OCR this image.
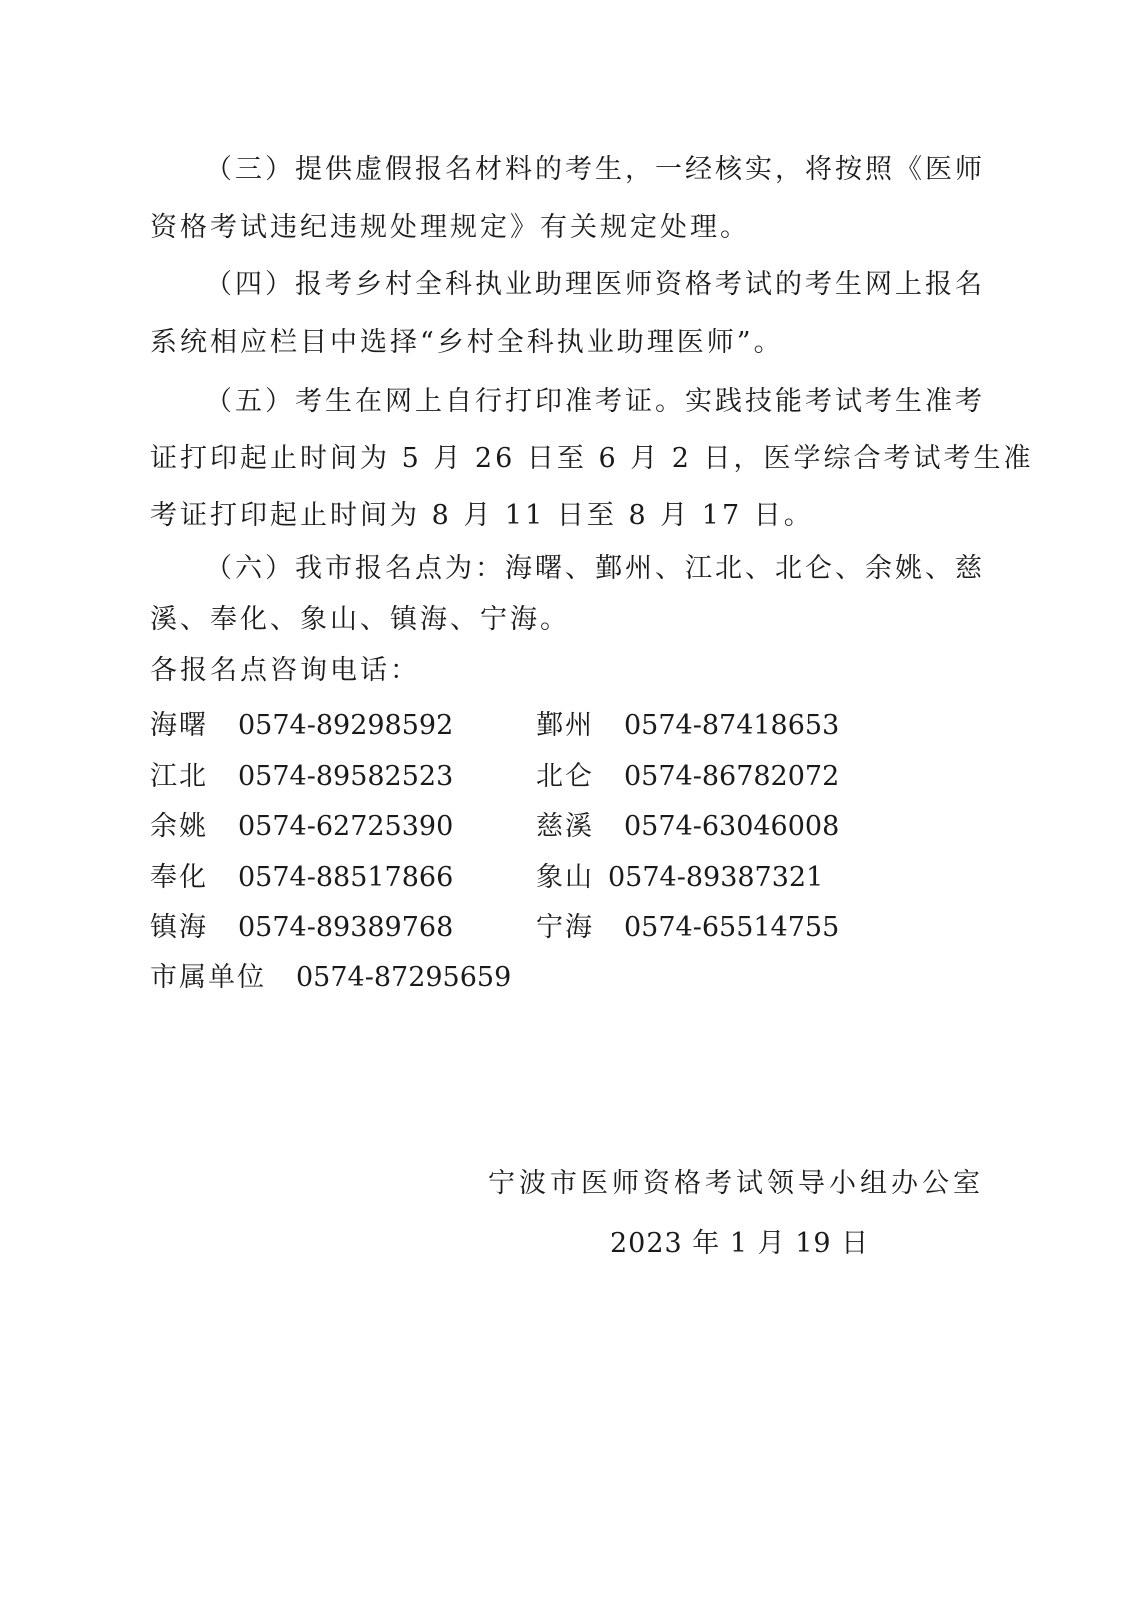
（三）提供虚假报名材料的考生，一经核实，将按照《医师
资格考试违纪违规处理规定》有关规定处理。
（四）报考乡村全科执业助理医师资格考试的考生网上报名
系统相应栏目中选择“乡村全科执业助理医师”。
（五）考生在网上自行打印准考证。实践技能考试考生准考
证打印起止时间为 5 月 26 日至 6 月 2 日，医学综合考试考生准
考证打印起止时间为 8 月 11 日至 8 月 17 日。
（六）我市报名点为：海曙、鄞州、江北、北仑、余姚、慈
溪、奉化、象山、镇海、宁海。
各报名点咨询电话：
海曙 0574-89298592	鄞州 0574-87418653
江北 0574-89582523	北仑 0574-86782072
余姚 0574-62725390	慈溪 0574-63046008
奉化 0574-88517866	象山 0574-89387321
镇海 0574-89389768	宁海 0574-65514755
市属单位 0574-87295659
宁波市医师资格考试领导小组办公室
2023 年 1 月 19 日
